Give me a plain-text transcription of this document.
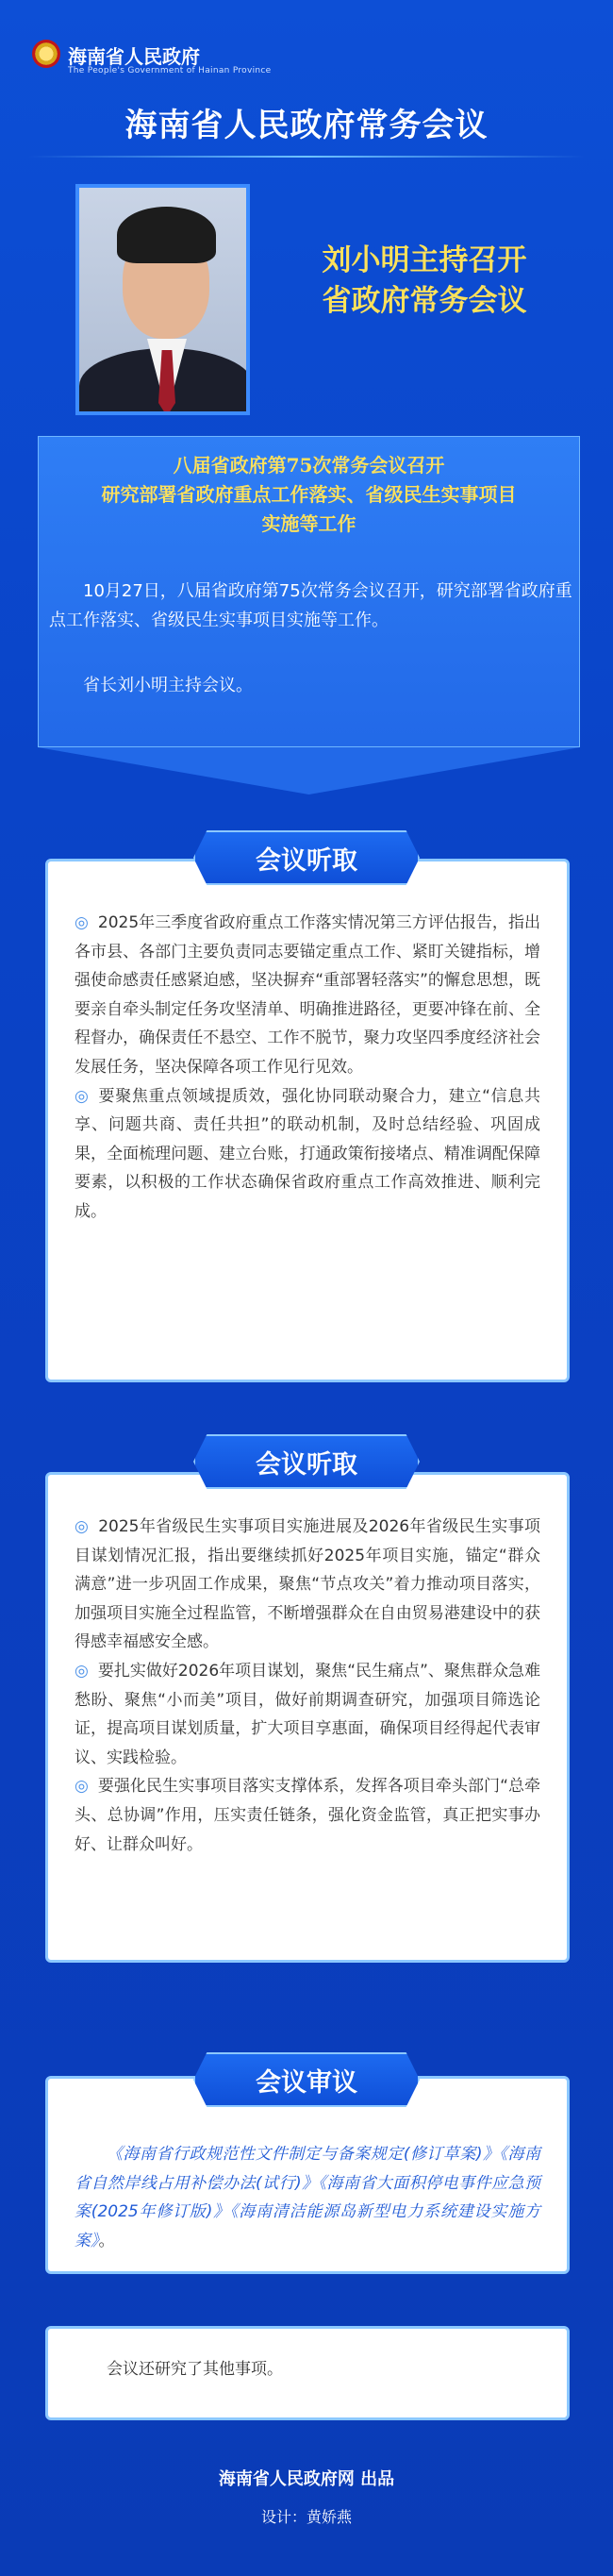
海南省人民政府
The People's Government of Hainan Province
海南省人民政府常务会议
刘小明主持召开
省政府常务会议
八届省政府第75次常务会议召开
研究部署省政府重点工作落实、省级民生实事项目
实施等工作
10月27日，八届省政府第75次常务会议召开，研究部署省政府重点工作落实、省级民生实事项目实施等工作。
省长刘小明主持会议。

◎ 2025年三季度省政府重点工作落实情况第三方评估报告，指出各市县、各部门主要负责同志要锚定重点工作、紧盯关键指标，增强使命感责任感紧迫感，坚决摒弃“重部署轻落实”的懈怠思想，既要亲自牵头制定任务攻坚清单、明确推进路径，更要冲锋在前、全程督办，确保责任不悬空、工作不脱节，聚力攻坚四季度经济社会发展任务，坚决保障各项工作见行见效。

◎ 要聚焦重点领域提质效，强化协同联动聚合力，建立“信息共享、问题共商、责任共担”的联动机制，及时总结经验、巩固成果，全面梳理问题、建立台账，打通政策衔接堵点、精准调配保障要素，以积极的工作状态确保省政府重点工作高效推进、顺利完成。

会议听取

◎ 2025年省级民生实事项目实施进展及2026年省级民生实事项目谋划情况汇报，指出要继续抓好2025年项目实施，锚定“群众满意”进一步巩固工作成果，聚焦“节点攻关”着力推动项目落实，加强项目实施全过程监管，不断增强群众在自由贸易港建设中的获得感幸福感安全感。

◎ 要扎实做好2026年项目谋划，聚焦“民生痛点”、聚焦群众急难愁盼、聚焦“小而美”项目，做好前期调查研究，加强项目筛选论证，提高项目谋划质量，扩大项目享惠面，确保项目经得起代表审议、实践检验。

◎ 要强化民生实事项目落实支撑体系，发挥各项目牵头部门“总牵头、总协调”作用，压实责任链条，强化资金监管，真正把实事办好、让群众叫好。

会议听取

《海南省行政规范性文件制定与备案规定(修订草案)》《海南省自然岸线占用补偿办法(试行)》《海南省大面积停电事件应急预案(2025年修订版)》《海南清洁能源岛新型电力系统建设实施方案》。

会议审议

会议还研究了其他事项。

海南省人民政府网 出品
设计：黄娇燕
